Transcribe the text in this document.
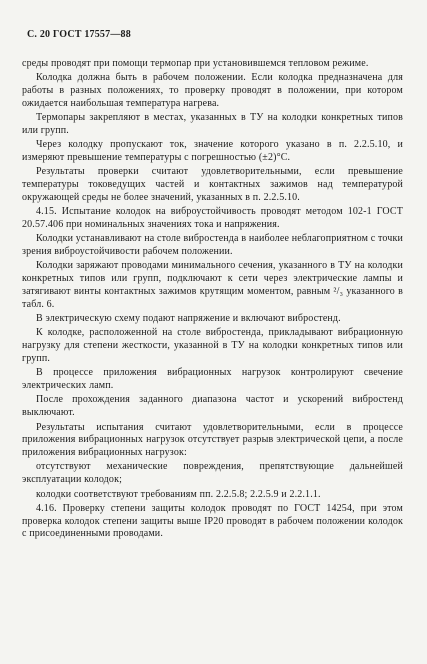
С. 20 ГОСТ 17557—88

среды проводят при помощи термопар при установившемся тепловом режиме.

Колодка должна быть в рабочем положении. Если колодка предназначена для работы в разных положениях, то проверку проводят в положении, при котором ожидается наибольшая температура нагрева.

Термопары закрепляют в местах, указанных в ТУ на колодки конкретных типов или групп.

Через колодку пропускают ток, значение которого указано в п. 2.2.5.10, и измеряют превышение температуры с погрешностью (±2)°С.

Результаты проверки считают удовлетворительными, если превышение температуры токоведущих частей и контактных зажимов над температурой окружающей среды не более значений, указанных в п. 2.2.5.10.

4.15. Испытание колодок на виброустойчивость проводят методом 102-1 ГОСТ 20.57.406 при номинальных значениях тока и напряжения.

Колодки устанавливают на столе вибростенда в наиболее неблагоприятном с точки зрения виброустойчивости рабочем положении.

Колодки заряжают проводами минимального сечения, указанного в ТУ на колодки конкретных типов или групп, подключают к сети через электрические лампы и затягивают винты контактных зажимов крутящим моментом, равным ²/₃ указанного в табл. 6.

В электрическую схему подают напряжение и включают вибростенд.

К колодке, расположенной на столе вибростенда, прикладывают вибрационную нагрузку для степени жесткости, указанной в ТУ на колодки конкретных типов или групп.

В процессе приложения вибрационных нагрузок контролируют свечение электрических ламп.

После прохождения заданного диапазона частот и ускорений вибростенд выключают.

Результаты испытания считают удовлетворительными, если в процессе приложения вибрационных нагрузок отсутствует разрыв электрической цепи, а после приложения вибрационных нагрузок:

отсутствуют механические повреждения, препятствующие дальнейшей эксплуатации колодок;

колодки соответствуют требованиям пп. 2.2.5.8; 2.2.5.9 и 2.2.1.1.

4.16. Проверку степени защиты колодок проводят по ГОСТ 14254, при этом проверка колодок степени защиты выше IP20 проводят в рабочем положении колодок с присоединенными проводами.
